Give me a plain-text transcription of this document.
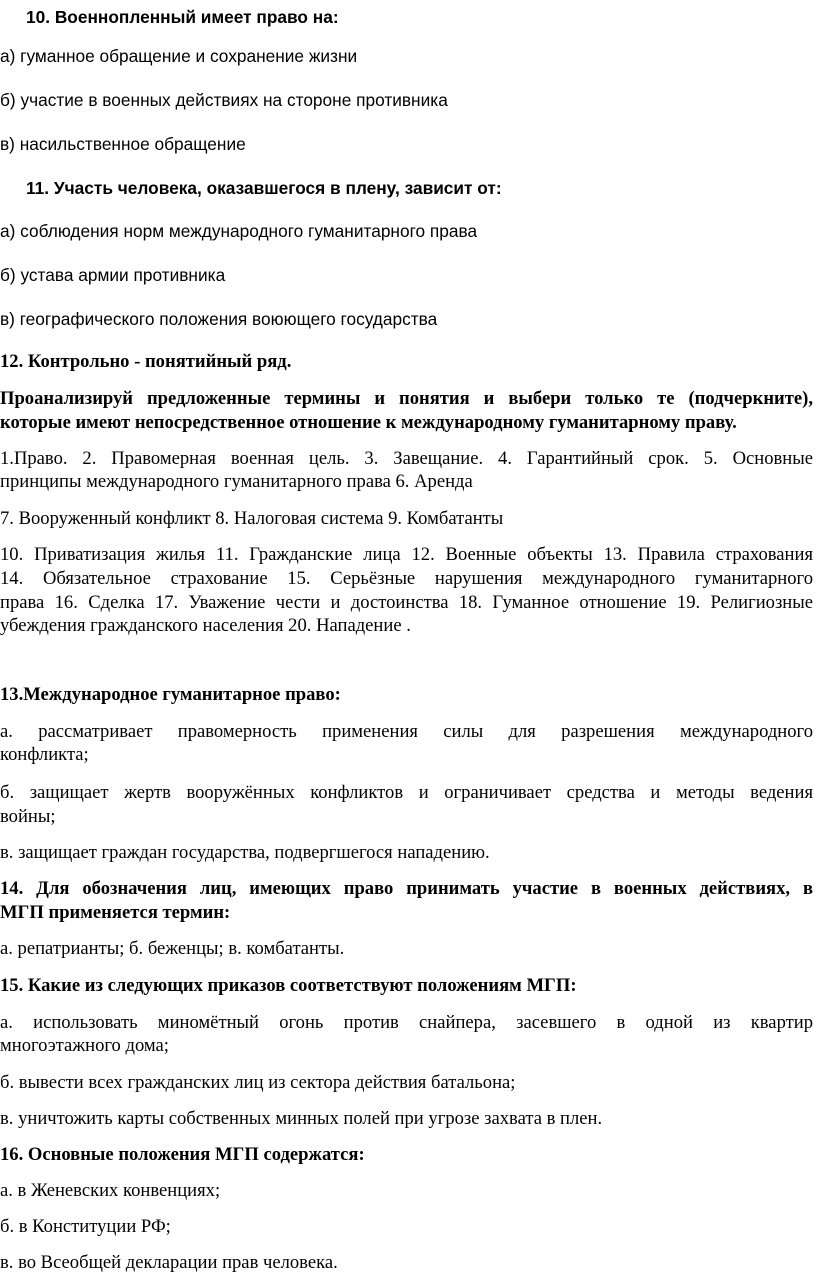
10. Военнопленный имеет право на:

а) гуманное обращение и сохранение жизни

б) участие в военных действиях на стороне противника

в) насильственное обращение

11. Участь человека, оказавшегося в плену, зависит от:

а) соблюдения норм международного гуманитарного права

б) устава армии противника

в) географического положения воюющего государства

12. Контрольно - понятийный ряд.

Проанализируй предложенные термины и понятия и выбери только те (подчеркните),

которые имеют непосредственное отношение к международному гуманитарному праву.

1.Право. 2. Правомерная военная цель. 3. Завещание. 4. Гарантийный срок. 5. Основные

принципы международного гуманитарного права 6. Аренда

7. Вооруженный конфликт 8. Налоговая система 9. Комбатанты

10. Приватизация жилья 11. Гражданские лица 12. Военные объекты 13. Правила страхования

14. Обязательное страхование 15. Серьёзные нарушения международного гуманитарного

права 16. Сделка 17. Уважение чести и достоинства 18. Гуманное отношение 19. Религиозные

убеждения гражданского населения 20. Нападение .

13.Международное гуманитарное право:

а. рассматривает правомерность применения силы для разрешения международного

конфликта;

б. защищает жертв вооружённых конфликтов и ограничивает средства и методы ведения

войны;

в. защищает граждан государства, подвергшегося нападению.

14. Для обозначения лиц, имеющих право принимать участие в военных действиях, в

МГП применяется термин:

а. репатрианты; б. беженцы; в. комбатанты.

15. Какие из следующих приказов соответствуют положениям МГП:

а. использовать миномётный огонь против снайпера, засевшего в одной из квартир

многоэтажного дома;

б. вывести всех гражданских лиц из сектора действия батальона;

в. уничтожить карты собственных минных полей при угрозе захвата в плен.

16. Основные положения МГП содержатся:

а. в Женевских конвенциях;

б. в Конституции РФ;

в. во Всеобщей декларации прав человека.
